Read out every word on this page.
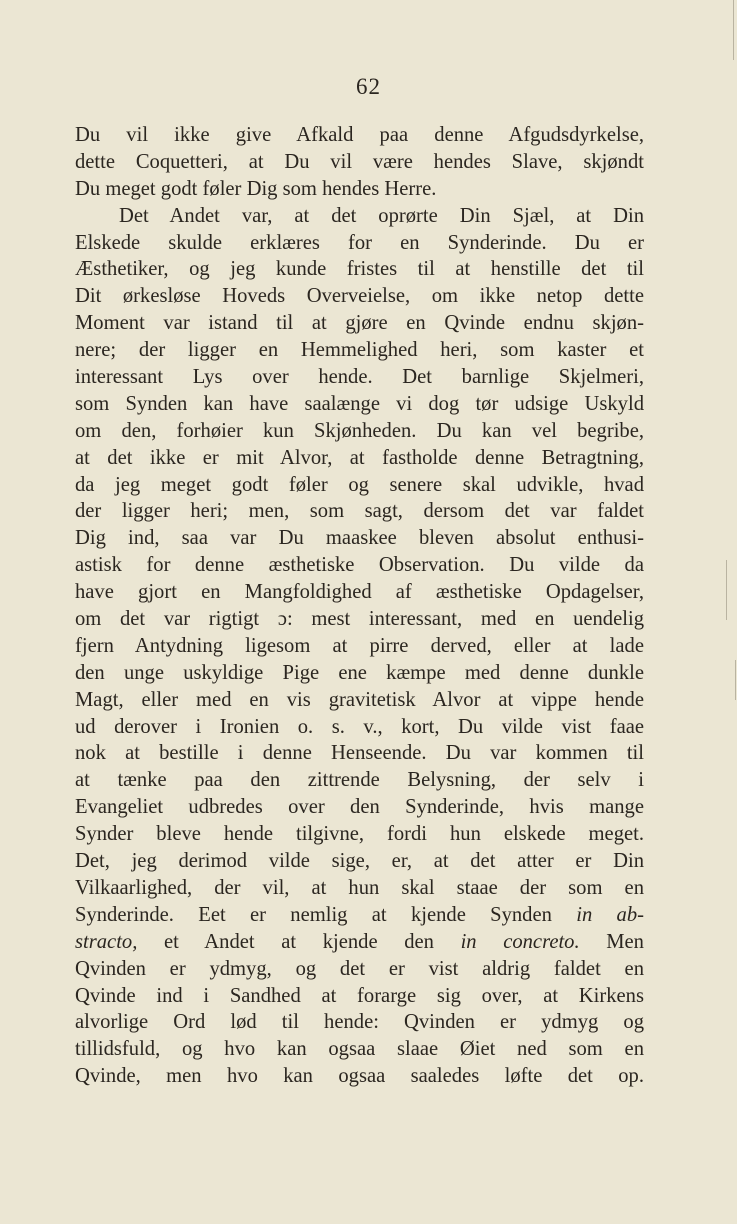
62
Du vil ikke give Afkald paa denne Afgudsdyrkelse,
dette Coquetteri, at Du vil være hendes Slave, skjøndt
Du meget godt føler Dig som hendes Herre.
Det Andet var, at det oprørte Din Sjæl, at Din
Elskede skulde erklæres for en Synderinde. Du er
Æsthetiker, og jeg kunde fristes til at henstille det til
Dit ørkesløse Hoveds Overveielse, om ikke netop dette
Moment var istand til at gjøre en Qvinde endnu skjøn-
nere; der ligger en Hemmelighed heri, som kaster et
interessant Lys over hende. Det barnlige Skjelmeri,
som Synden kan have saalænge vi dog tør udsige Uskyld
om den, forhøier kun Skjønheden. Du kan vel begribe,
at det ikke er mit Alvor, at fastholde denne Betragtning,
da jeg meget godt føler og senere skal udvikle, hvad
der ligger heri; men, som sagt, dersom det var faldet
Dig ind, saa var Du maaskee bleven absolut enthusi-
astisk for denne æsthetiske Observation. Du vilde da
have gjort en Mangfoldighed af æsthetiske Opdagelser,
om det var rigtigt ɔ: mest interessant, med en uendelig
fjern Antydning ligesom at pirre derved, eller at lade
den unge uskyldige Pige ene kæmpe med denne dunkle
Magt, eller med en vis gravitetisk Alvor at vippe hende
ud derover i Ironien o. s. v., kort, Du vilde vist faae
nok at bestille i denne Henseende. Du var kommen til
at tænke paa den zittrende Belysning, der selv i
Evangeliet udbredes over den Synderinde, hvis mange
Synder bleve hende tilgivne, fordi hun elskede meget.
Det, jeg derimod vilde sige, er, at det atter er Din
Vilkaarlighed, der vil, at hun skal staae der som en
Synderinde. Eet er nemlig at kjende Synden in ab-
stracto, et Andet at kjende den in concreto. Men
Qvinden er ydmyg, og det er vist aldrig faldet en
Qvinde ind i Sandhed at forarge sig over, at Kirkens
alvorlige Ord lød til hende: Qvinden er ydmyg og
tillidsfuld, og hvo kan ogsaa slaae Øiet ned som en
Qvinde, men hvo kan ogsaa saaledes løfte det op.
